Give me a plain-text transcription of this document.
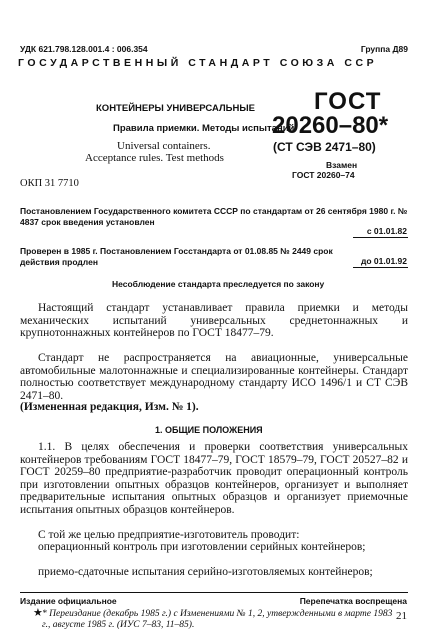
УДК 621.798.128.001.4 : 006.354	Группа Д89
ГОСУДАРСТВЕННЫЙ СТАНДАРТ СОЮЗА ССР
КОНТЕЙНЕРЫ УНИВЕРСАЛЬНЫЕ
Правила приемки. Методы испытаний
Universal containers.
Acceptance rules. Test methods
ОКП 31 7710
ГОСТ
20260–80*
(СТ СЭВ 2471–80)
Взамен
ГОСТ 20260–74
Постановлением Государственного комитета СССР по стандартам от 26 сентября 1980 г. № 4837 срок введения установлен
с 01.01.82
Проверен в 1985 г. Постановлением Госстандарта от 01.08.85 № 2449 срок действия продлен	до 01.01.92
Несоблюдение стандарта преследуется по закону
Настоящий стандарт устанавливает правила приемки и методы механических испытаний универсальных среднетоннажных и крупнотоннажных контейнеров по ГОСТ 18477–79.
Стандарт не распространяется на авиационные, универсальные автомобильные малотоннажные и специализированные контейнеры. Стандарт полностью соответствует международному стандарту ИСО 1496/1 и СТ СЭВ 2471–80.
(Измененная редакция, Изм. № 1).
1. ОБЩИЕ ПОЛОЖЕНИЯ
1.1. В целях обеспечения и проверки соответствия универсальных контейнеров требованиям ГОСТ 18477–79, ГОСТ 18579–79, ГОСТ 20527–82 и ГОСТ 20259–80 предприятие-разработчик проводит операционный контроль при изготовлении опытных образцов контейнеров, организует и выполняет предварительные испытания опытных образцов и организует приемочные испытания опытных образцов контейнеров.
С той же целью предприятие-изготовитель проводит:
операционный контроль при изготовлении серийных контейнеров;
приемо-сдаточные испытания серийно-изготовляемых контейнеров;
Издание официальное	Перепечатка воспрещена
★ * Переиздание (декабрь 1985 г.) с Изменениями № 1, 2, утвержденными в марте 1983 г., августе 1985 г. (ИУС 7–83, 11–85).
21
